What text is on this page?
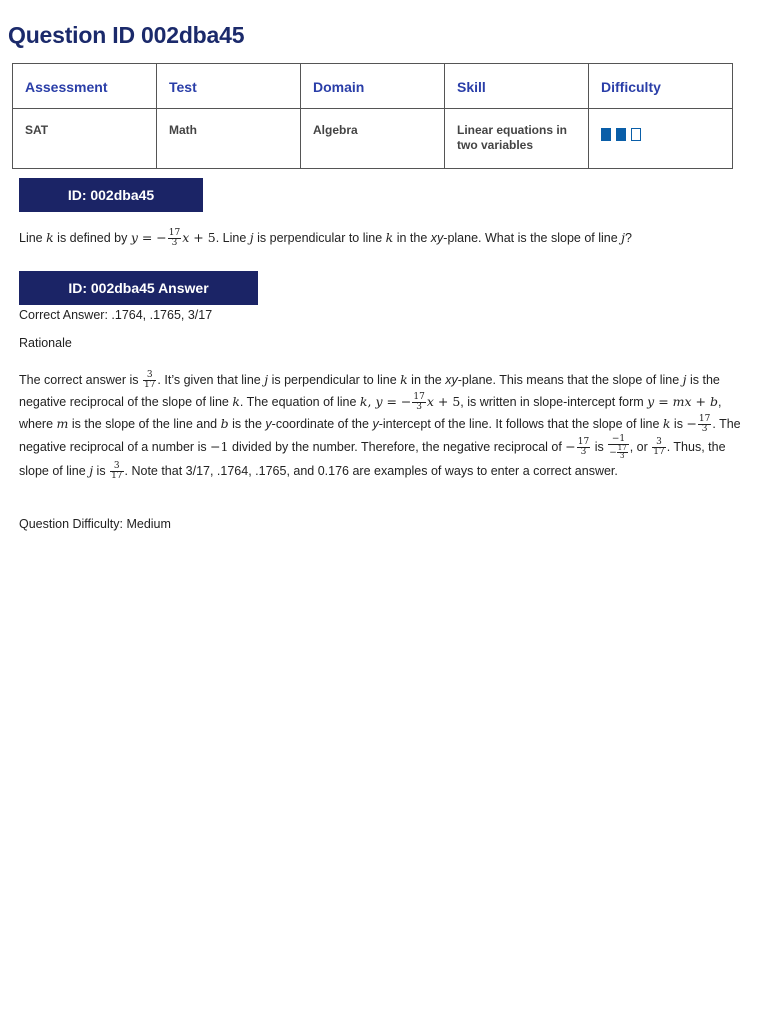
Question ID 002dba45
Assessment	Test	Domain	Skill	Difficulty
SAT	Math	Algebra	Linear equations in two variables	
ID: 002dba45
Line k is defined by y = − $\frac{17}{3}$ x + 5. Line j is perpendicular to line k in the xy-plane. What is the slope of line j?
ID: 002dba45 Answer
Correct Answer: .1764, .1765, 3/17
Rationale
The correct answer is $\frac{3}{17}$ . It’s given that line j is perpendicular to line k in the xy-plane. This means that the slope of line j is the negative reciprocal of the slope of line k. The equation of line k, y = − $\frac{17}{3}$ x + 5, is written in slope-intercept form y = mx + b, where m is the slope of the line and b is the y-coordinate of the y-intercept of the line. It follows that the slope of line k is − $\frac{17}{3}$ . The negative reciprocal of a number is −1 divided by the number. Therefore, the negative reciprocal of − $\frac{17}{3}$ is $\frac{-1}{- \frac{17}{3}}$ , or $\frac{3}{17}$ . Thus, the slope of line j is $\frac{3}{17}$ . Note that 3/17, .1764, .1765, and 0.176 are examples of ways to enter a correct answer.
Question Difficulty: Medium
